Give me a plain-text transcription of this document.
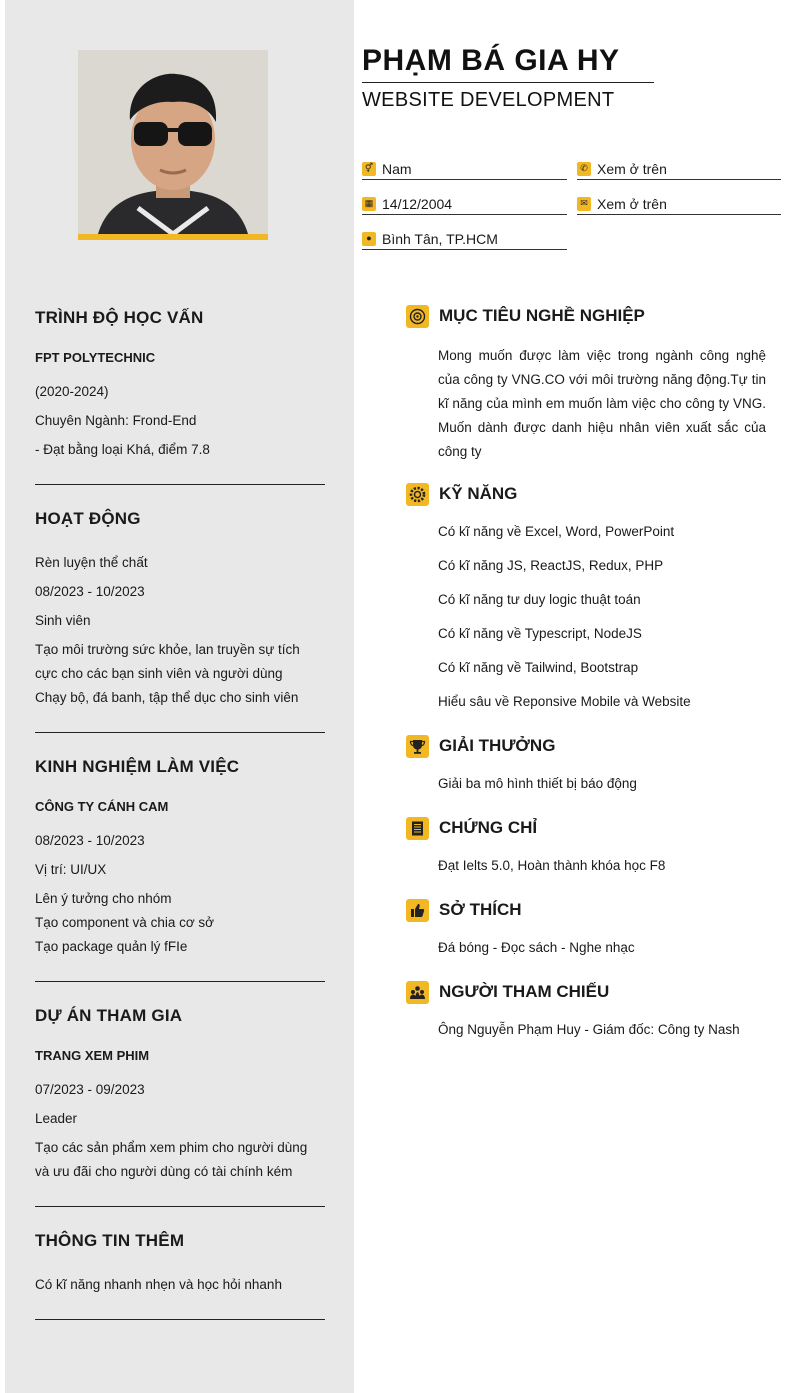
TRÌNH ĐỘ HỌC VẤN
FPT POLYTECHNIC
(2020-2024)
Chuyên Ngành: Frond-End
- Đạt bằng loại Khá, điểm 7.8
HOẠT ĐỘNG
Rèn luyện thể chất
08/2023 - 10/2023
Sinh viên
Tạo môi trường sức khỏe, lan truyền sự tích cực cho các bạn sinh viên và người dùng
Chạy bộ, đá banh, tập thể dục cho sinh viên
KINH NGHIỆM LÀM VIỆC
CÔNG TY CÁNH CAM
08/2023 - 10/2023
Vị trí: UI/UX
Lên ý tưởng cho nhóm
Tạo component và chia cơ sở
Tạo package quản lý fFIe
DỰ ÁN THAM GIA
TRANG XEM PHIM
07/2023 - 09/2023
Leader
Tạo các sản phẩm xem phim cho người dùng và ưu đãi cho người dùng có tài chính kém
THÔNG TIN THÊM
Có kĩ năng nhanh nhẹn và học hỏi nhanh
PHẠM BÁ GIA HY
WEBSITE DEVELOPMENT
⚥ Nam
▦ 14/12/2004
● Bình Tân, TP.HCM
✆ Xem ở trên
✉ Xem ở trên
MỤC TIÊU NGHỀ NGHIỆP
Mong muốn được làm việc trong ngành công nghệ của công ty VNG.CO với môi trường năng động.Tự tin kĩ năng của mình em muốn làm việc cho công ty VNG. Muốn dành được danh hiệu nhân viên xuất sắc của công ty
KỸ NĂNG
Có kĩ năng về Excel, Word, PowerPoint
Có kĩ năng JS, ReactJS, Redux, PHP
Có kĩ năng tư duy logic thuật toán
Có kĩ năng về Typescript, NodeJS
Có kĩ năng về Tailwind, Bootstrap
Hiểu sâu về Reponsive Mobile và Website
GIẢI THƯỞNG
Giải ba mô hình thiết bị báo động
CHỨNG CHỈ
Đạt Ielts 5.0, Hoàn thành khóa học F8
SỞ THÍCH
Đá bóng - Đọc sách - Nghe nhạc
NGƯỜI THAM CHIẾU
Ông Nguyễn Phạm Huy - Giám đốc: Công ty Nash
